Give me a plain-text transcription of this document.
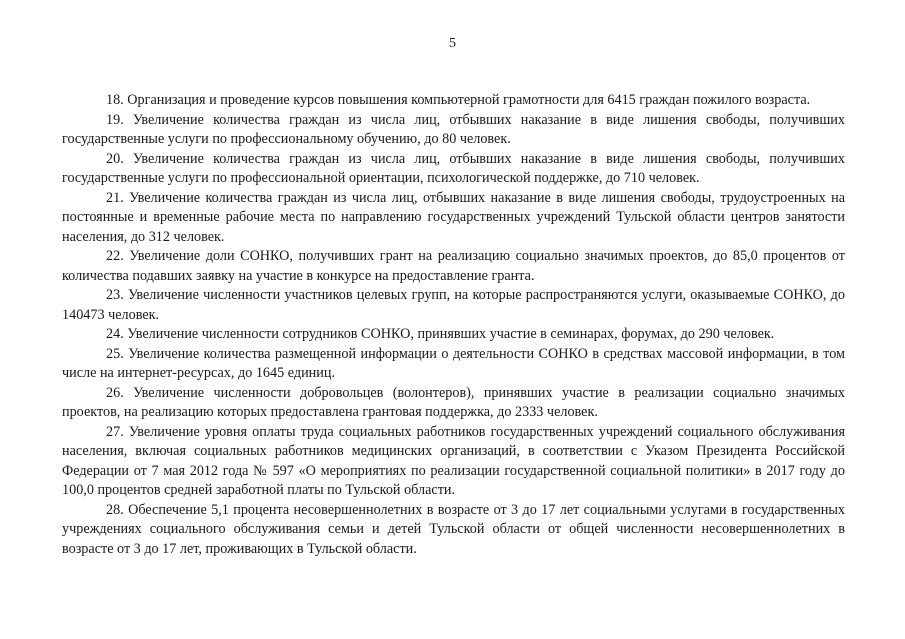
5

18. Организация и проведение курсов повышения компьютерной грамотности для 6415 граждан пожилого возраста.

19. Увеличение количества граждан из числа лиц, отбывших наказание в виде лишения свободы, получивших государственные услуги по профессиональному обучению, до 80 человек.

20. Увеличение количества граждан из числа лиц, отбывших наказание в виде лишения свободы, получивших государственные услуги по профессиональной ориентации, психологической поддержке, до 710 человек.

21. Увеличение количества граждан из числа лиц, отбывших наказание в виде лишения свободы, трудоустроенных на постоянные и временные рабочие места по направлению государственных учреждений Тульской области центров занятости населения, до 312 человек.

22. Увеличение доли СОНКО, получивших грант на реализацию социально значимых проектов, до 85,0 процентов от количества подавших заявку на участие в конкурсе на предоставление гранта.

23. Увеличение численности участников целевых групп, на которые распространяются услуги, оказываемые СОНКО, до 140473 человек.

24. Увеличение численности сотрудников СОНКО, принявших участие в семинарах, форумах, до 290 человек.

25. Увеличение количества размещенной информации о деятельности СОНКО в средствах массовой информации, в том числе на интернет-ресурсах, до 1645 единиц.

26. Увеличение численности добровольцев (волонтеров), принявших участие в реализации социально значимых проектов, на реализацию которых предоставлена грантовая поддержка, до 2333 человек.

27. Увеличение уровня оплаты труда социальных работников государственных учреждений социального обслуживания населения, включая социальных работников медицинских организаций, в соответствии с Указом Президента Российской Федерации от 7 мая 2012 года № 597 «О мероприятиях по реализации государственной социальной политики» в 2017 году до 100,0 процентов средней заработной платы по Тульской области.

28. Обеспечение 5,1 процента несовершеннолетних в возрасте от 3 до 17 лет социальными услугами в государственных учреждениях социального обслуживания семьи и детей Тульской области от общей численности несовершеннолетних в возрасте от 3 до 17 лет, проживающих в Тульской области.
